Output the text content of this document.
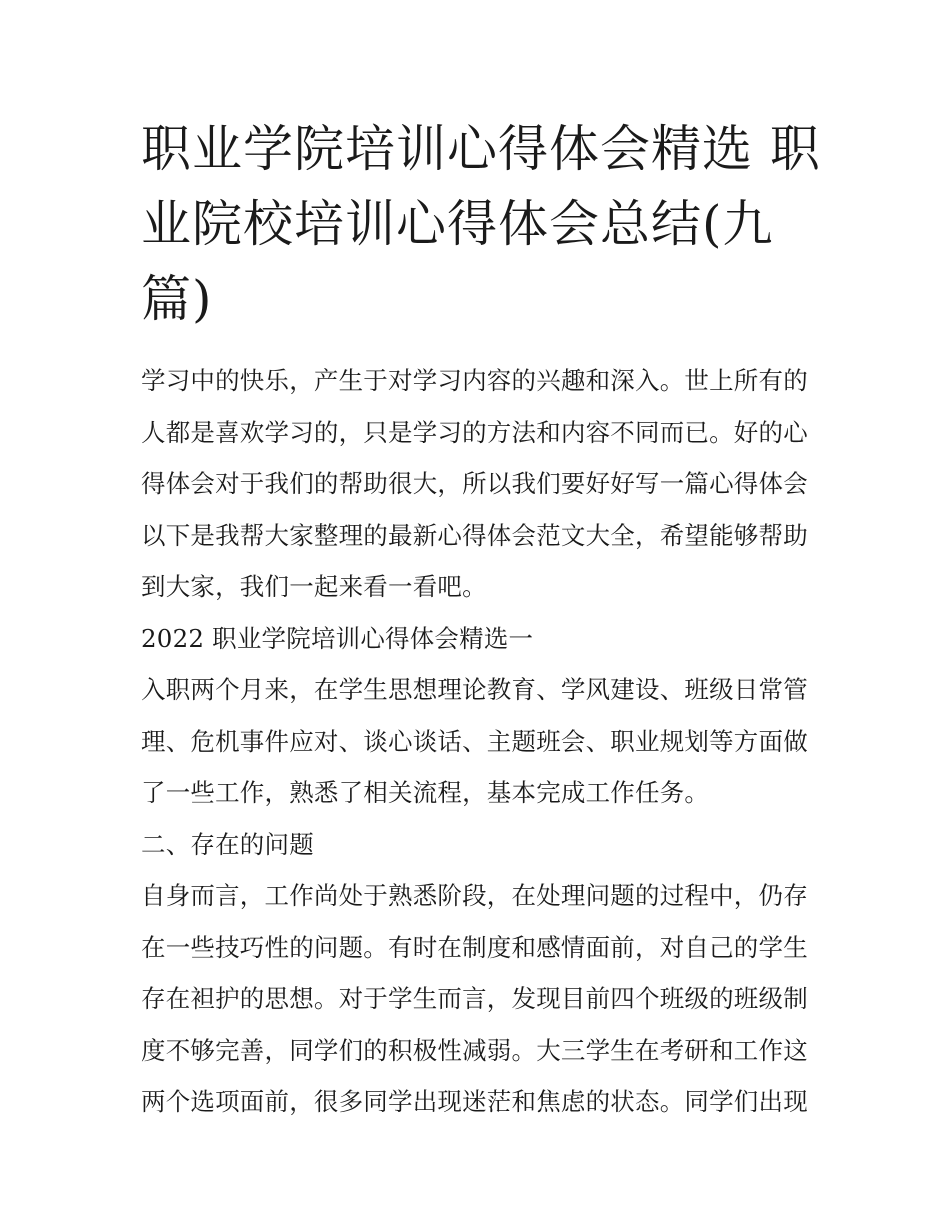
职业学院培训心得体会精选 职
业院校培训心得体会总结(九
篇)
学习中的快乐，产生于对学习内容的兴趣和深入。世上所有的
人都是喜欢学习的，只是学习的方法和内容不同而已。好的心
得体会对于我们的帮助很大，所以我们要好好写一篇心得体会
以下是我帮大家整理的最新心得体会范文大全，希望能够帮助
到大家，我们一起来看一看吧。
2022 职业学院培训心得体会精选一
入职两个月来，在学生思想理论教育、学风建设、班级日常管
理、危机事件应对、谈心谈话、主题班会、职业规划等方面做
了一些工作，熟悉了相关流程，基本完成工作任务。
二、存在的问题
自身而言，工作尚处于熟悉阶段，在处理问题的过程中，仍存
在一些技巧性的问题。有时在制度和感情面前，对自己的学生
存在袒护的思想。对于学生而言，发现目前四个班级的班级制
度不够完善，同学们的积极性减弱。大三学生在考研和工作这
两个选项面前，很多同学出现迷茫和焦虑的状态。同学们出现
